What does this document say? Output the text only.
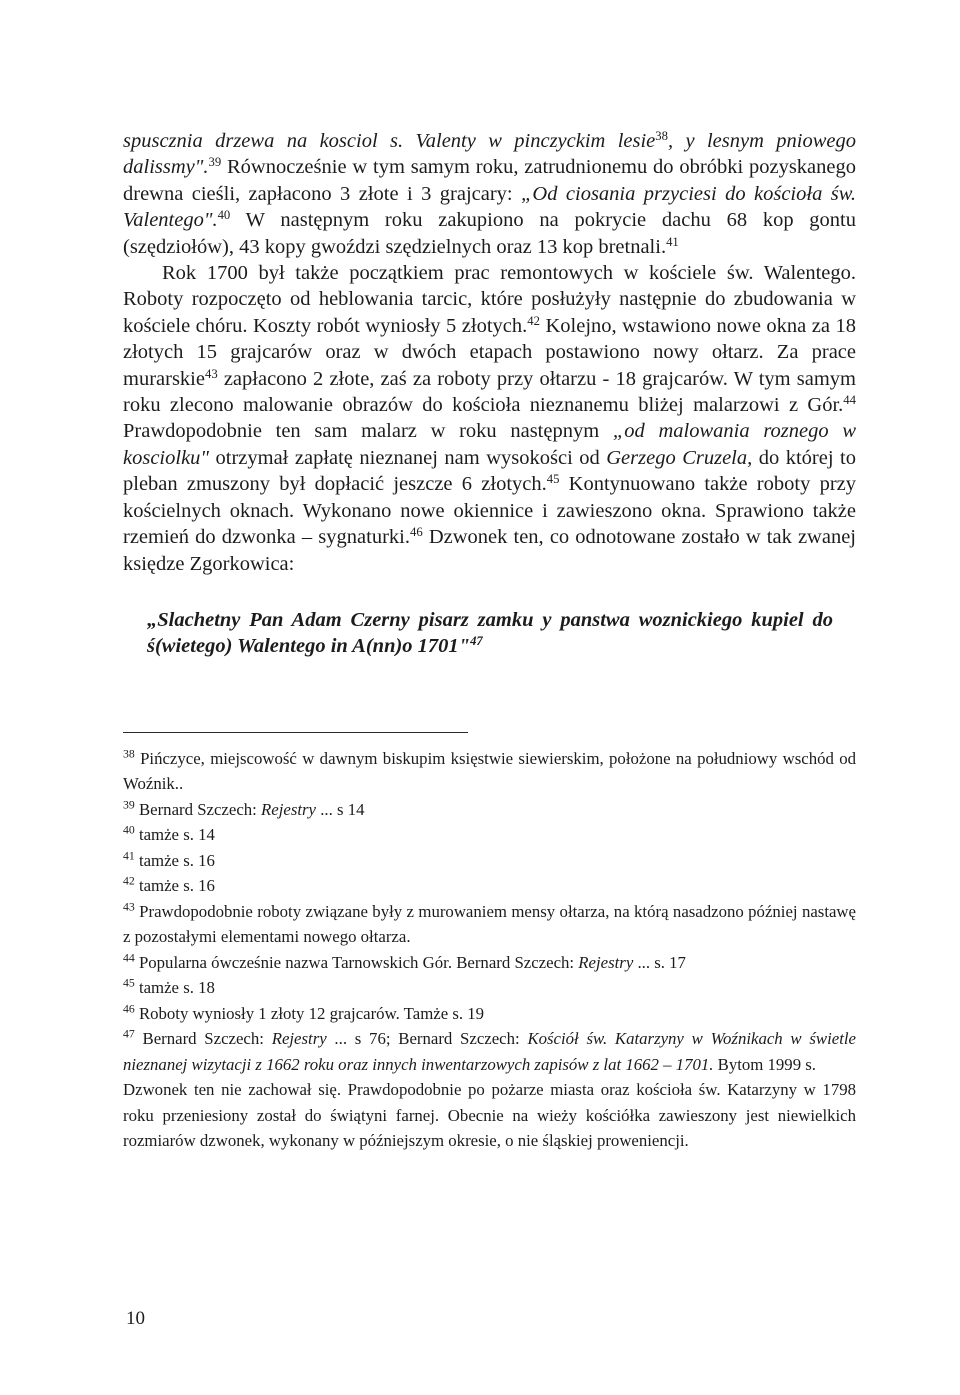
spuscznia drzewa na kosciol s. Valenty w pinczyckim lesie$^{38}$, y lesnym pniowego dalissmy".$^{39}$ Równocześnie w tym samym roku, zatrudnionemu do obróbki pozyskanego drewna cieśli, zapłacono 3 złote i 3 grajcary: „Od ciosania przyciesi do kościoła św. Valentego".$^{40}$ W następnym roku zakupiono na pokrycie dachu 68 kop gontu (szędziołów), 43 kopy gwoździ szędzielnych oraz 13 kop bretnali.$^{41}$

Rok 1700 był także początkiem prac remontowych w kościele św. Walentego. Roboty rozpoczęto od heblowania tarcic, które posłużyły następnie do zbudowania w kościele chóru. Koszty robót wyniosły 5 złotych.$^{42}$ Kolejno, wstawiono nowe okna za 18 złotych 15 grajcarów oraz w dwóch etapach postawiono nowy ołtarz. Za prace murarskie$^{43}$ zapłacono 2 złote, zaś za roboty przy ołtarzu - 18 grajcarów. W tym samym roku zlecono malowanie obrazów do kościoła nieznanemu bliżej malarzowi z Gór.$^{44}$ Prawdopodobnie ten sam malarz w roku następnym „od malowania roznego w kosciolku" otrzymał zapłatę nieznanej nam wysokości od Gerzego Cruzela, do której to pleban zmuszony był dopłacić jeszcze 6 złotych.$^{45}$ Kontynuowano także roboty przy kościelnych oknach. Wykonano nowe okiennice i zawieszono okna. Sprawiono także rzemień do dzwonka – sygnaturki.$^{46}$ Dzwonek ten, co odnotowane zostało w tak zwanej księdze Zgorkowica:

„Slachetny Pan Adam Czerny pisarz zamku y panstwa woznickiego kupiel do ś(wietego) Walentego in A(nn)o 1701"$^{47}$

$^{38}$ Pińczyce, miejscowość w dawnym biskupim księstwie siewierskim, położone na południowy wschód od Woźnik..

$^{39}$ Bernard Szczech: Rejestry ... s 14

$^{40}$ tamże s. 14

$^{41}$ tamże s. 16

$^{42}$ tamże s. 16

$^{43}$ Prawdopodobnie roboty związane były z murowaniem mensy ołtarza, na którą nasadzono później nastawę z pozostałymi elementami nowego ołtarza.

$^{44}$ Popularna ówcześnie nazwa Tarnowskich Gór. Bernard Szczech: Rejestry ... s. 17

$^{45}$ tamże s. 18

$^{46}$ Roboty wyniosły 1 złoty 12 grajcarów. Tamże s. 19

$^{47}$ Bernard Szczech: Rejestry ... s 76; Bernard Szczech: Kościół św. Katarzyny w Woźnikach w świetle nieznanej wizytacji z 1662 roku oraz innych inwentarzowych zapisów z lat 1662 – 1701. Bytom 1999 s.

Dzwonek ten nie zachował się. Prawdopodobnie po pożarze miasta oraz kościoła św. Katarzyny w 1798 roku przeniesiony został do świątyni farnej. Obecnie na wieży kościółka zawieszony jest niewielkich rozmiarów dzwonek, wykonany w późniejszym okresie, o nie śląskiej proweniencji.

10
